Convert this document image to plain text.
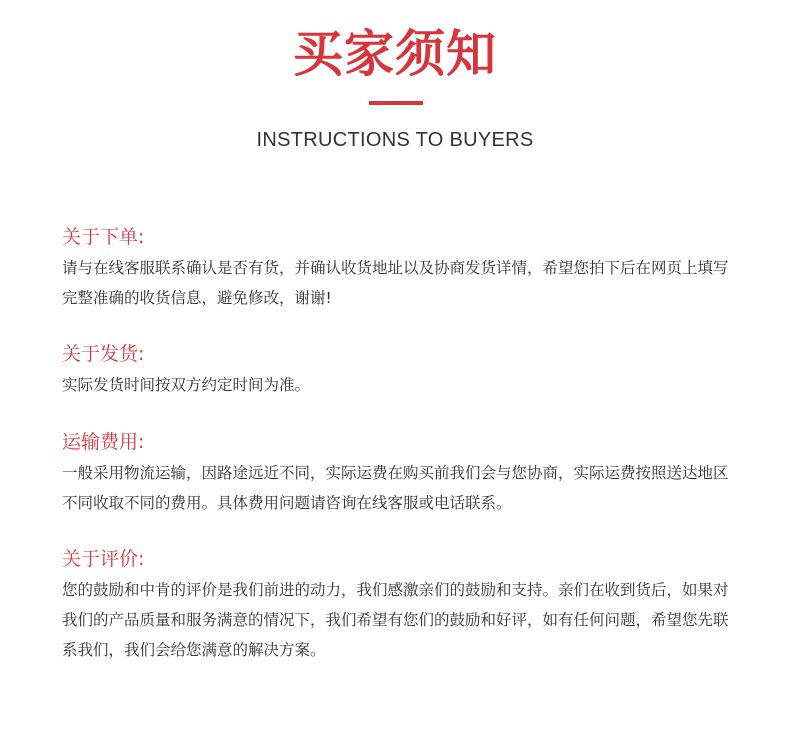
买家须知
INSTRUCTIONS TO BUYERS

关于下单:

请与在线客服联系确认是否有货，并确认收货地址以及协商发货详情，希望您拍下后在网页上填写完整准确的收货信息，避免修改，谢谢!

关于发货:

实际发货时间按双方约定时间为准。

运输费用:

一般采用物流运输，因路途远近不同，实际运费在购买前我们会与您协商，实际运费按照送达地区不同收取不同的费用。具体费用问题请咨询在线客服或电话联系。

关于评价:

您的鼓励和中肯的评价是我们前进的动力，我们感激亲们的鼓励和支持。亲们在收到货后，如果对我们的产品质量和服务满意的情况下，我们希望有您们的鼓励和好评，如有任何问题，希望您先联系我们，我们会给您满意的解决方案。
